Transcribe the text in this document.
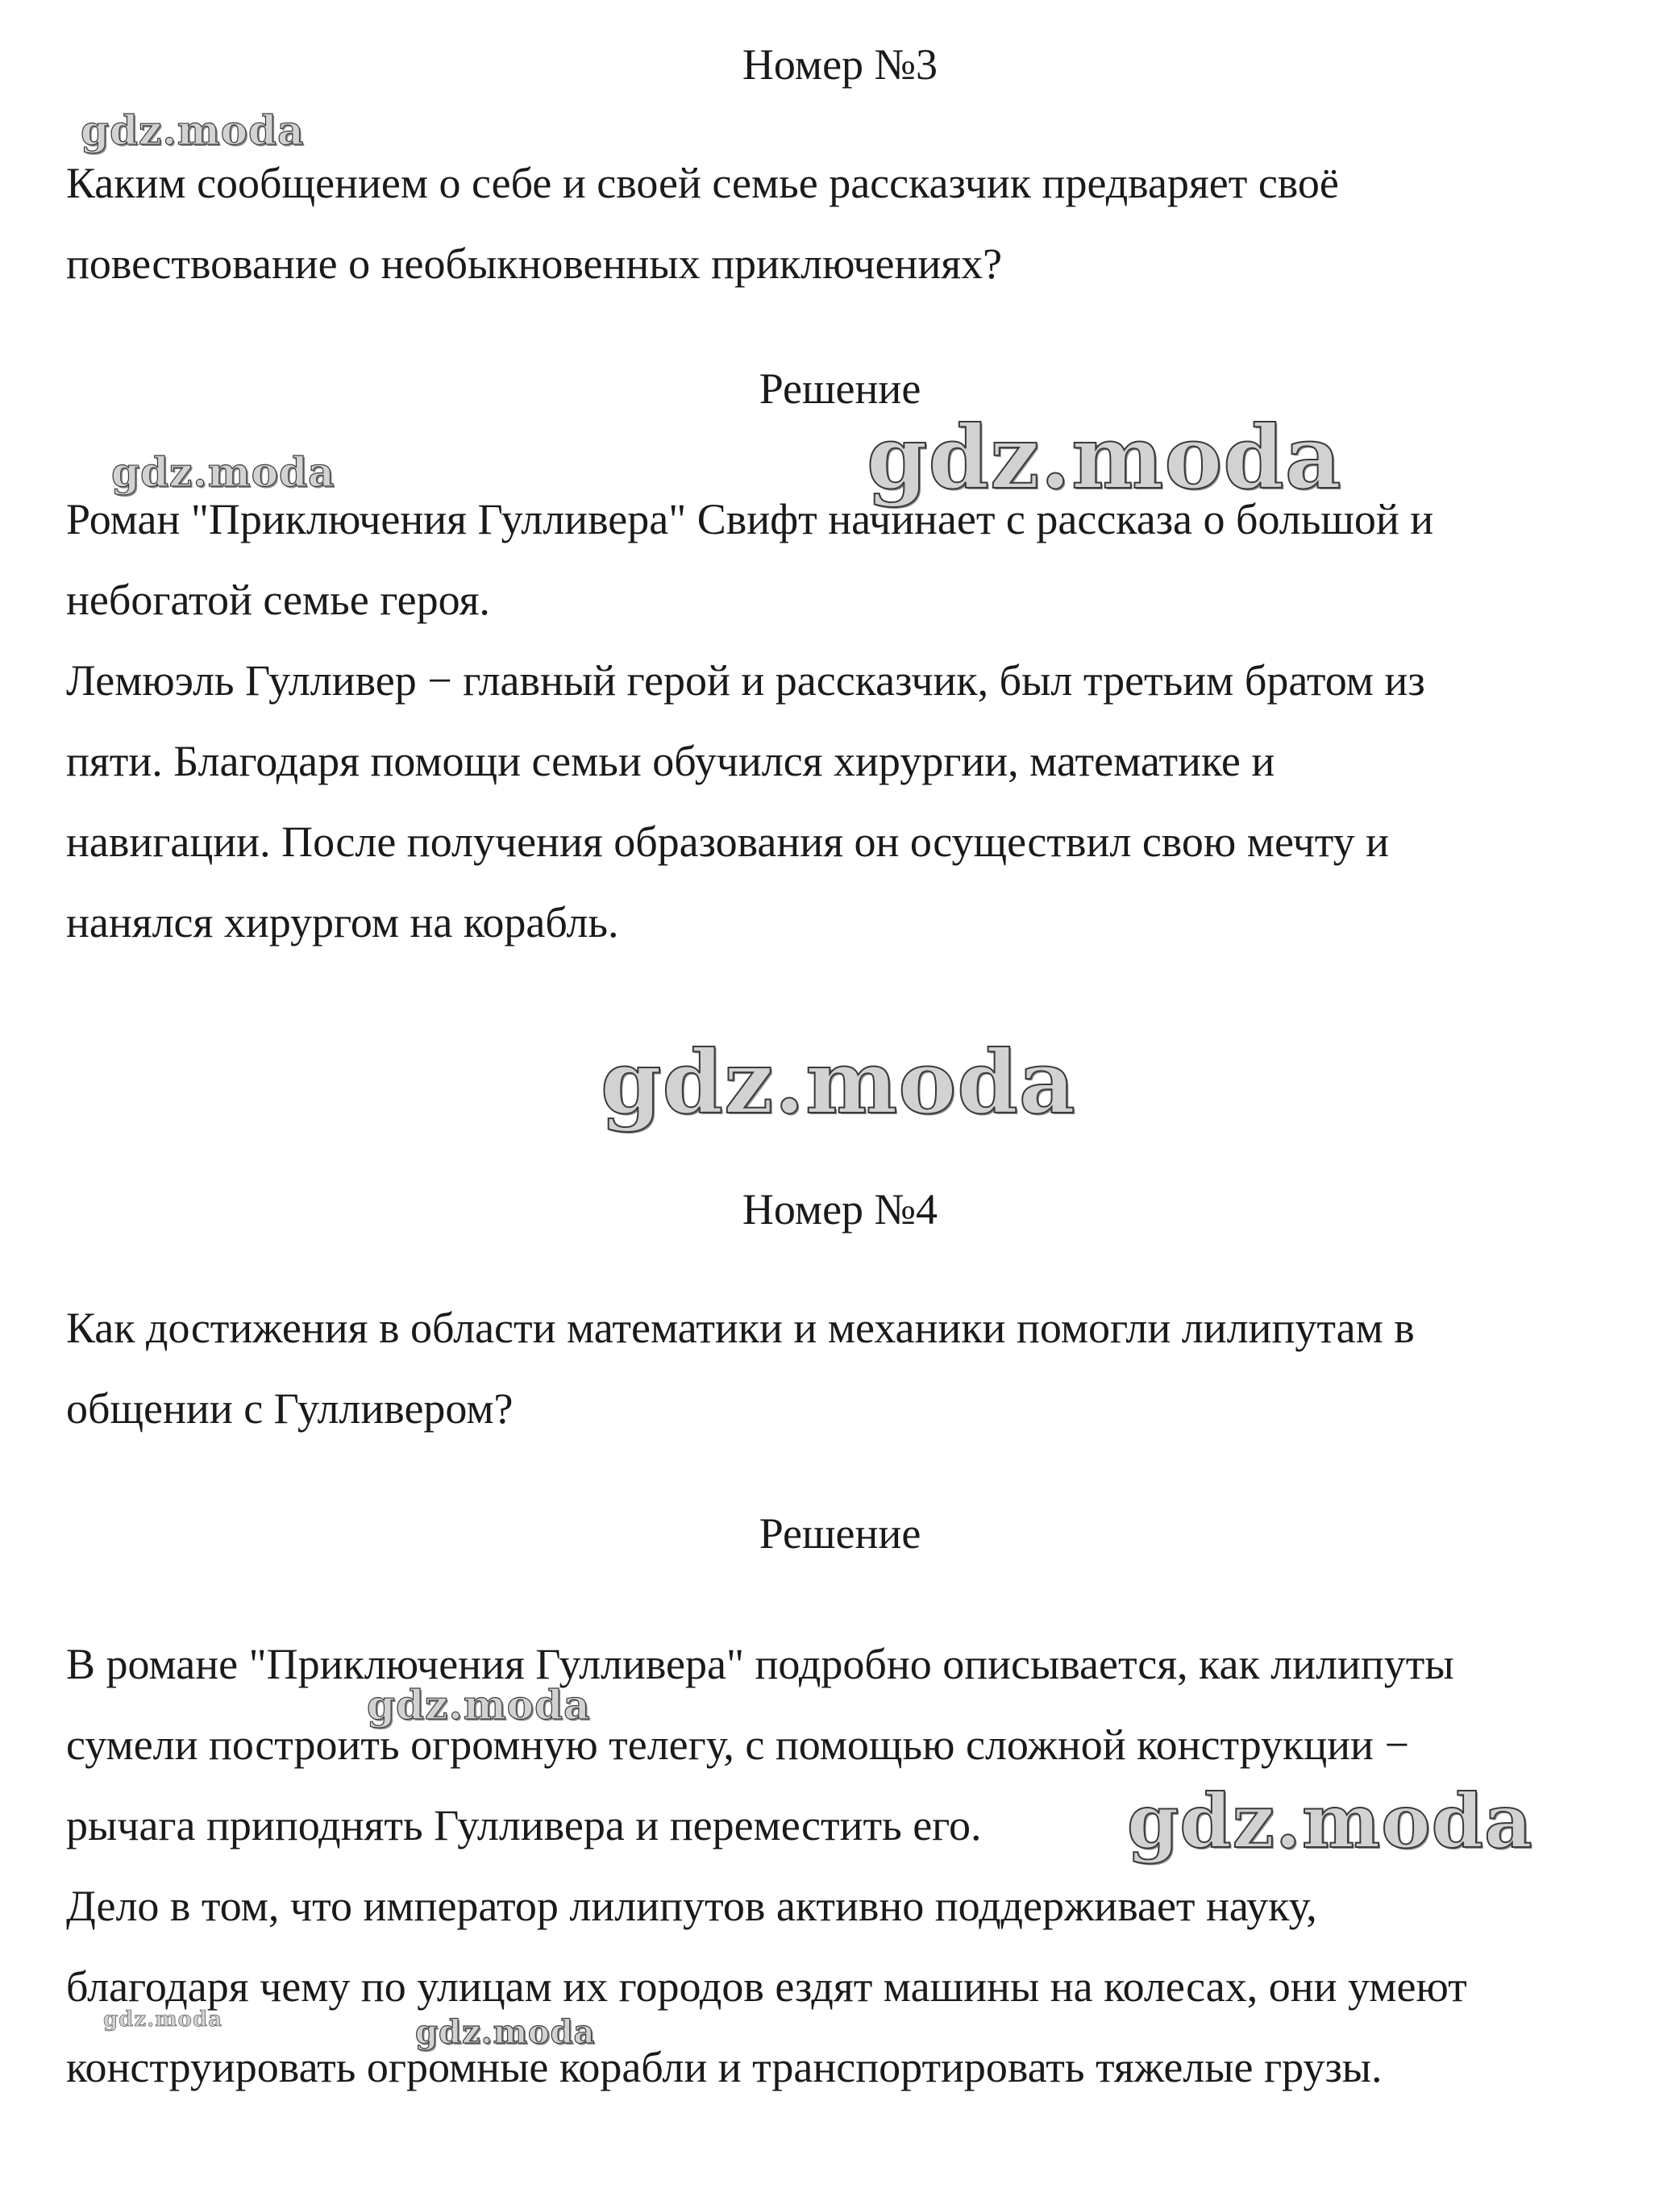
Номер №3
Каким сообщением о себе и своей семье рассказчик предваряет своё
повествование о необыкновенных приключениях?
Решение
Роман "Приключения Гулливера" Свифт начинает с рассказа о большой и
небогатой семье героя.
Лемюэль Гулливер − главный герой и рассказчик, был третьим братом из
пяти. Благодаря помощи семьи обучился хирургии, математике и
навигации. После получения образования он осуществил свою мечту и
нанялся хирургом на корабль.
Номер №4
Как достижения в области математики и механики помогли лилипутам в
общении с Гулливером?
Решение
В романе "Приключения Гулливера" подробно описывается, как лилипуты
сумели построить огромную телегу, с помощью сложной конструкции −
рычага приподнять Гулливера и переместить его.
Дело в том, что император лилипутов активно поддерживает науку,
благодаря чему по улицам их городов ездят машины на колесах, они умеют
конструировать огромные корабли и транспортировать тяжелые грузы.
gdz.moda
gdz.moda	gdz.moda
gdz.moda
gdz.moda
gdz.moda
gdz.moda	gdz.moda
